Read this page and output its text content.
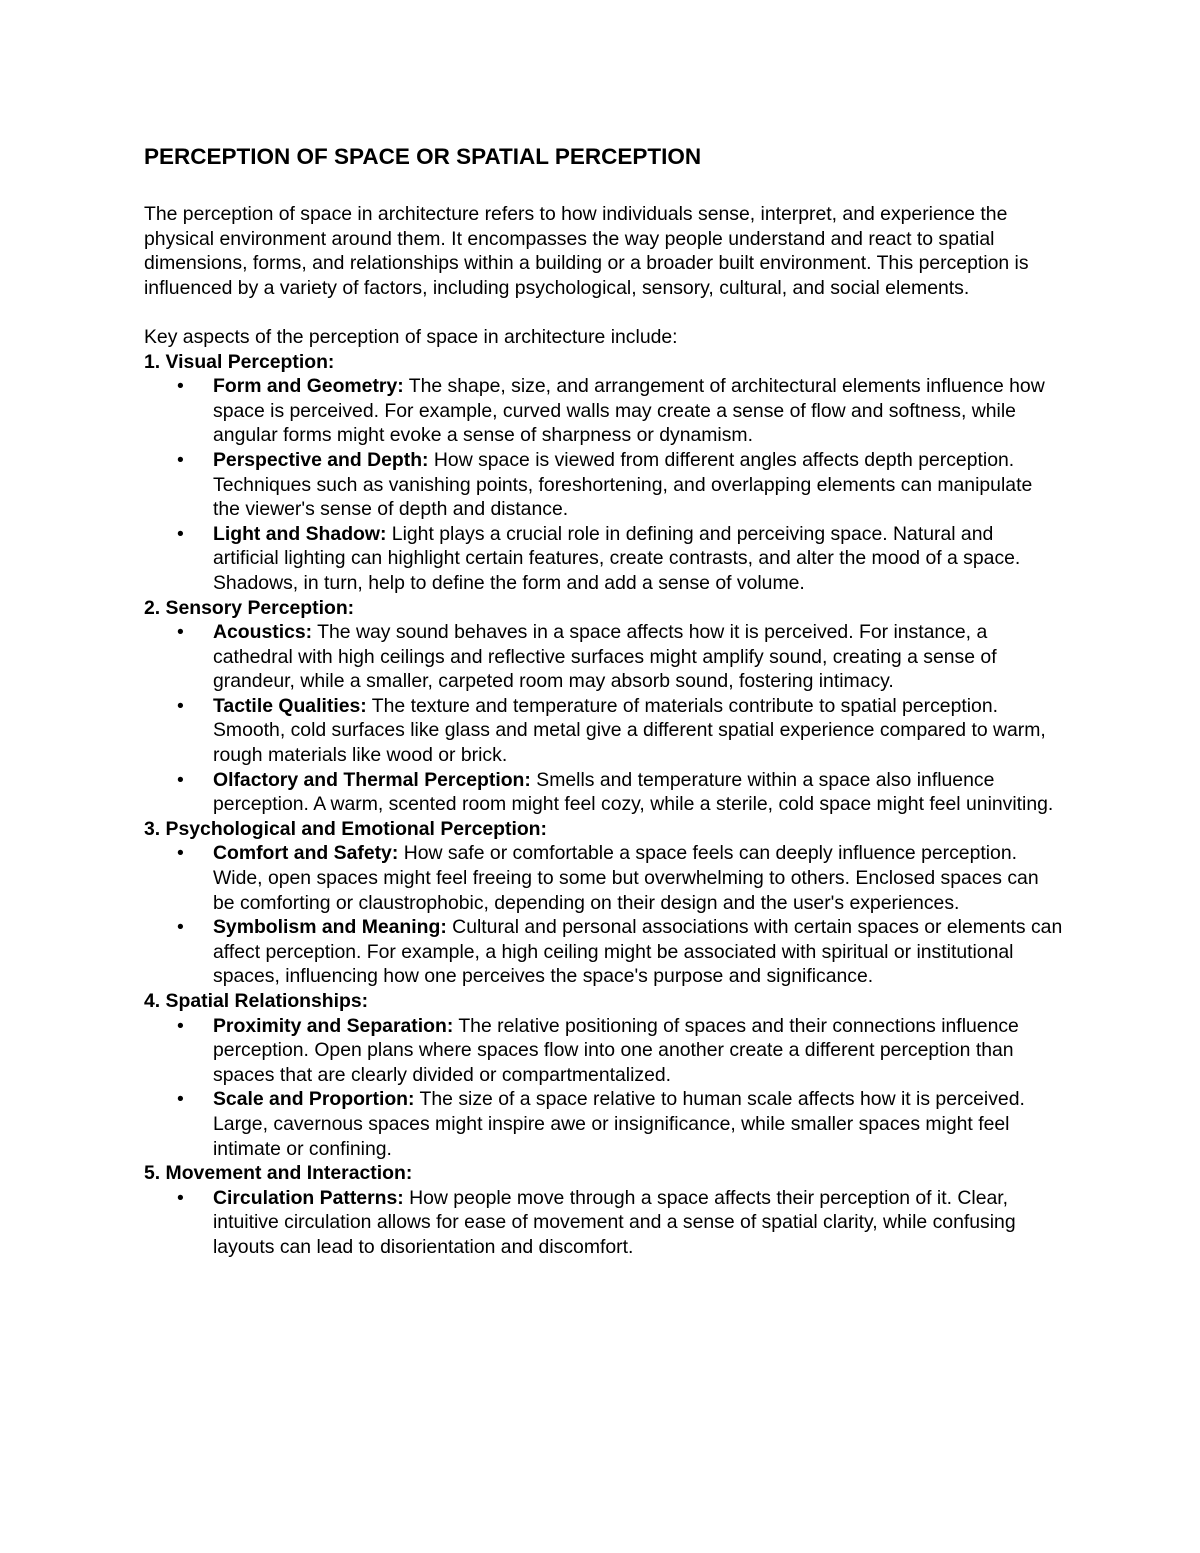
PERCEPTION OF SPACE OR SPATIAL PERCEPTION

The perception of space in architecture refers to how individuals sense, interpret, and experience the physical environment around them. It encompasses the way people understand and react to spatial dimensions, forms, and relationships within a building or a broader built environment. This perception is influenced by a variety of factors, including psychological, sensory, cultural, and social elements.

Key aspects of the perception of space in architecture include:

1. Visual Perception:
• Form and Geometry: The shape, size, and arrangement of architectural elements influence how space is perceived. For example, curved walls may create a sense of flow and softness, while angular forms might evoke a sense of sharpness or dynamism.
• Perspective and Depth: How space is viewed from different angles affects depth perception. Techniques such as vanishing points, foreshortening, and overlapping elements can manipulate the viewer's sense of depth and distance.
• Light and Shadow: Light plays a crucial role in defining and perceiving space. Natural and artificial lighting can highlight certain features, create contrasts, and alter the mood of a space. Shadows, in turn, help to define the form and add a sense of volume.
2. Sensory Perception:
• Acoustics: The way sound behaves in a space affects how it is perceived. For instance, a cathedral with high ceilings and reflective surfaces might amplify sound, creating a sense of grandeur, while a smaller, carpeted room may absorb sound, fostering intimacy.
• Tactile Qualities: The texture and temperature of materials contribute to spatial perception. Smooth, cold surfaces like glass and metal give a different spatial experience compared to warm, rough materials like wood or brick.
• Olfactory and Thermal Perception: Smells and temperature within a space also influence perception. A warm, scented room might feel cozy, while a sterile, cold space might feel uninviting.
3. Psychological and Emotional Perception:
• Comfort and Safety: How safe or comfortable a space feels can deeply influence perception. Wide, open spaces might feel freeing to some but overwhelming to others. Enclosed spaces can be comforting or claustrophobic, depending on their design and the user's experiences.
• Symbolism and Meaning: Cultural and personal associations with certain spaces or elements can affect perception. For example, a high ceiling might be associated with spiritual or institutional spaces, influencing how one perceives the space's purpose and significance.
4. Spatial Relationships:
• Proximity and Separation: The relative positioning of spaces and their connections influence perception. Open plans where spaces flow into one another create a different perception than spaces that are clearly divided or compartmentalized.
• Scale and Proportion: The size of a space relative to human scale affects how it is perceived. Large, cavernous spaces might inspire awe or insignificance, while smaller spaces might feel intimate or confining.
5. Movement and Interaction:
• Circulation Patterns: How people move through a space affects their perception of it. Clear, intuitive circulation allows for ease of movement and a sense of spatial clarity, while confusing layouts can lead to disorientation and discomfort.
